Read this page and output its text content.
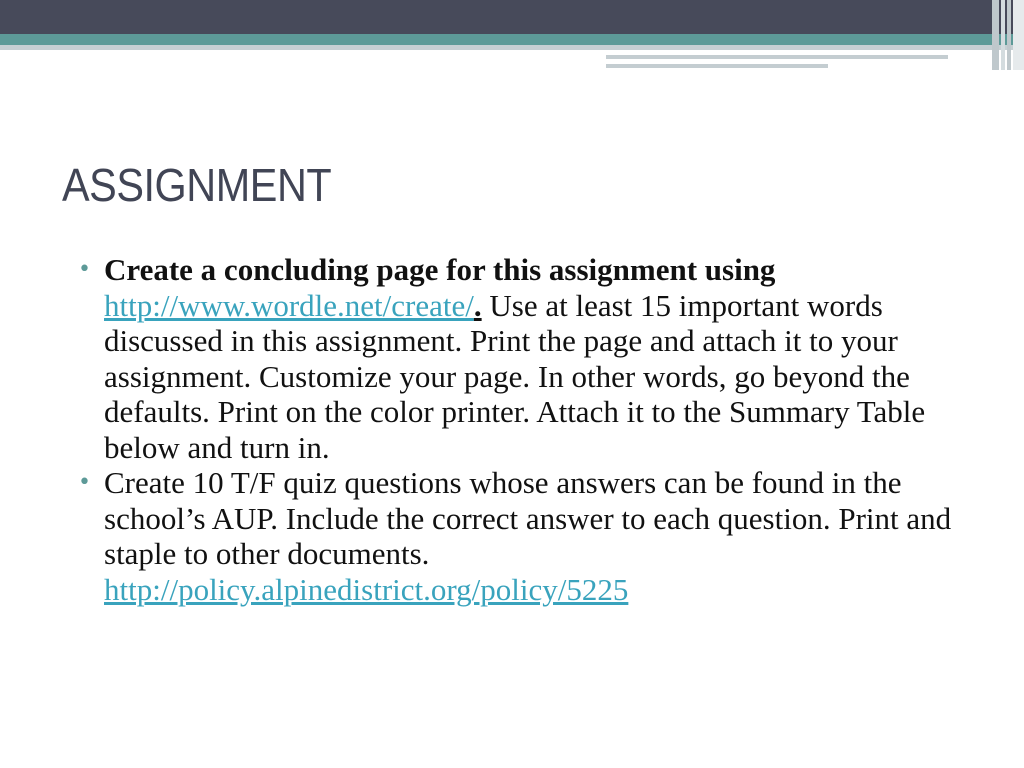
ASSIGNMENT
• Create a concluding page for this assignment using http://www.wordle.net/create/. Use at least 15 important words discussed in this assignment. Print the page and attach it to your assignment. Customize your page. In other words, go beyond the defaults. Print on the color printer. Attach it to the Summary Table below and turn in.
• Create 10 T/F quiz questions whose answers can be found in the school’s AUP. Include the correct answer to each question. Print and staple to other documents.
http://policy.alpinedistrict.org/policy/5225
